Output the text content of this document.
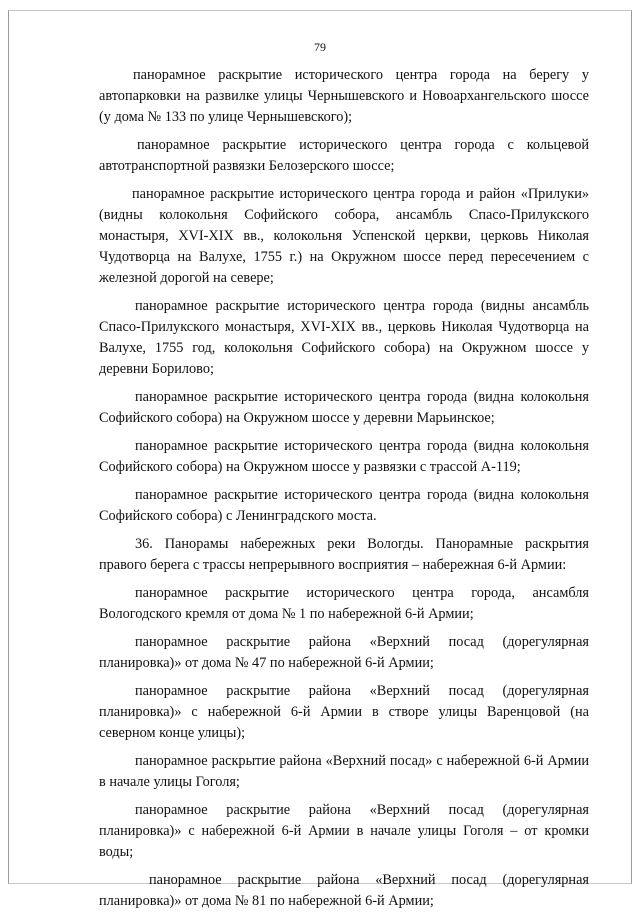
79

панорамное раскрытие исторического центра города на берегу у автопарковки на развилке улицы Чернышевского и Новоархангельского шоссе (у дома № 133 по улице Чернышевского);

панорамное раскрытие исторического центра города с кольцевой автотранспортной развязки Белозерского шоссе;

панорамное раскрытие исторического центра города и район «Прилуки» (видны колокольня Софийского собора, ансамбль Спасо-Прилукского монастыря, XVI-XIX вв., колокольня Успенской церкви, церковь Николая Чудотворца на Валухе, 1755 г.) на Окружном шоссе перед пересечением с железной дорогой на севере;

панорамное раскрытие исторического центра города (видны ансамбль Спасо-Прилукского монастыря, XVI-XIX вв., церковь Николая Чудотворца на Валухе, 1755 год, колокольня Софийского собора) на Окружном шоссе у деревни Борилово;

панорамное раскрытие исторического центра города (видна колокольня Софийского собора) на Окружном шоссе у деревни Марьинское;

панорамное раскрытие исторического центра города (видна колокольня Софийского собора) на Окружном шоссе у развязки с трассой А-119;

панорамное раскрытие исторического центра города (видна колокольня Софийского собора) с Ленинградского моста.

36. Панорамы набережных реки Вологды. Панорамные раскрытия правого берега с трассы непрерывного восприятия – набережная 6-й Армии:

панорамное раскрытие исторического центра города, ансамбля Вологодского кремля от дома № 1 по набережной 6-й Армии;

панорамное раскрытие района «Верхний посад (дорегулярная планировка)» от дома № 47 по набережной 6-й Армии;

панорамное раскрытие района «Верхний посад (дорегулярная планировка)» с набережной 6-й Армии в створе улицы Варенцовой (на северном конце улицы);

панорамное раскрытие района «Верхний посад» с набережной 6-й Армии в начале улицы Гоголя;

панорамное раскрытие района «Верхний посад (дорегулярная планировка)» с набережной 6-й Армии в начале улицы Гоголя – от кромки воды;

панорамное раскрытие района «Верхний посад (дорегулярная планировка)» от дома № 81 по набережной 6-й Армии;
